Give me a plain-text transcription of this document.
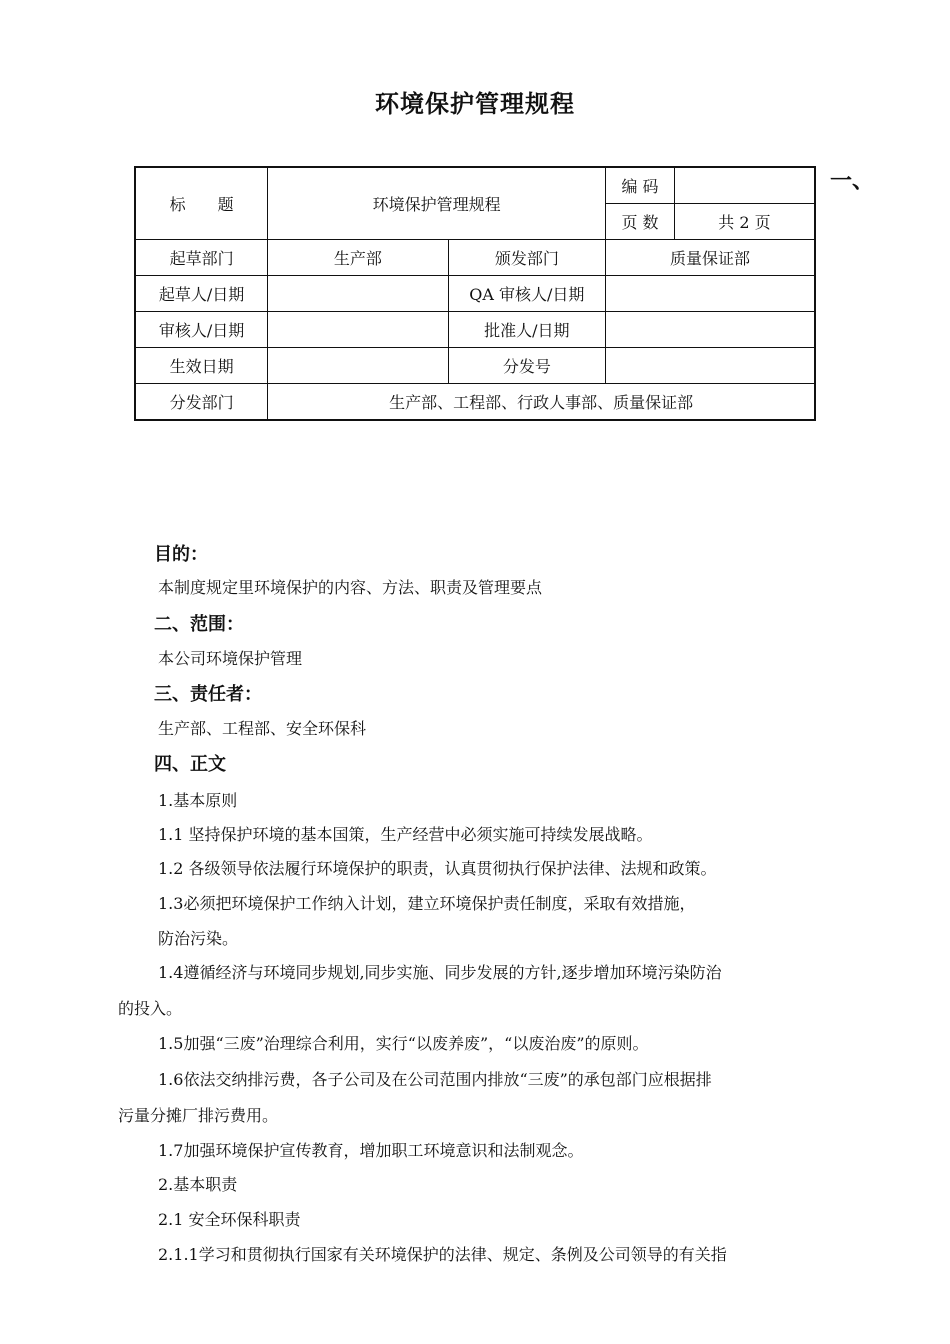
环境保护管理规程
一、
标　　题	环境保护管理规程		编 码	
			页 数	共 2 页
起草部门	生产部	颁发部门	质量保证部	
起草人/日期		QA 审核人/日期		
审核人/日期		批准人/日期		
生效日期		分发号		
分发部门	生产部、工程部、行政人事部、质量保证部			
目的：
本制度规定里环境保护的内容、方法、职责及管理要点
二、范围：
本公司环境保护管理
三、责任者：
生产部、工程部、安全环保科
四、正文
1.基本原则
1.1 坚持保护环境的基本国策，生产经营中必须实施可持续发展战略。
1.2 各级领导依法履行环境保护的职责，认真贯彻执行保护法律、法规和政策。
1.3必须把环境保护工作纳入计划，建立环境保护责任制度，采取有效措施，
防治污染。
1.4遵循经济与环境同步规划,同步实施、同步发展的方针,逐步增加环境污染防治
的投入。
1.5加强“三废”治理综合利用，实行“以废养废”，“以废治废”的原则。
1.6依法交纳排污费，各子公司及在公司范围内排放“三废”的承包部门应根据排
污量分摊厂排污费用。
1.7加强环境保护宣传教育，增加职工环境意识和法制观念。
2.基本职责
2.1 安全环保科职责
2.1.1学习和贯彻执行国家有关环境保护的法律、规定、条例及公司领导的有关指
